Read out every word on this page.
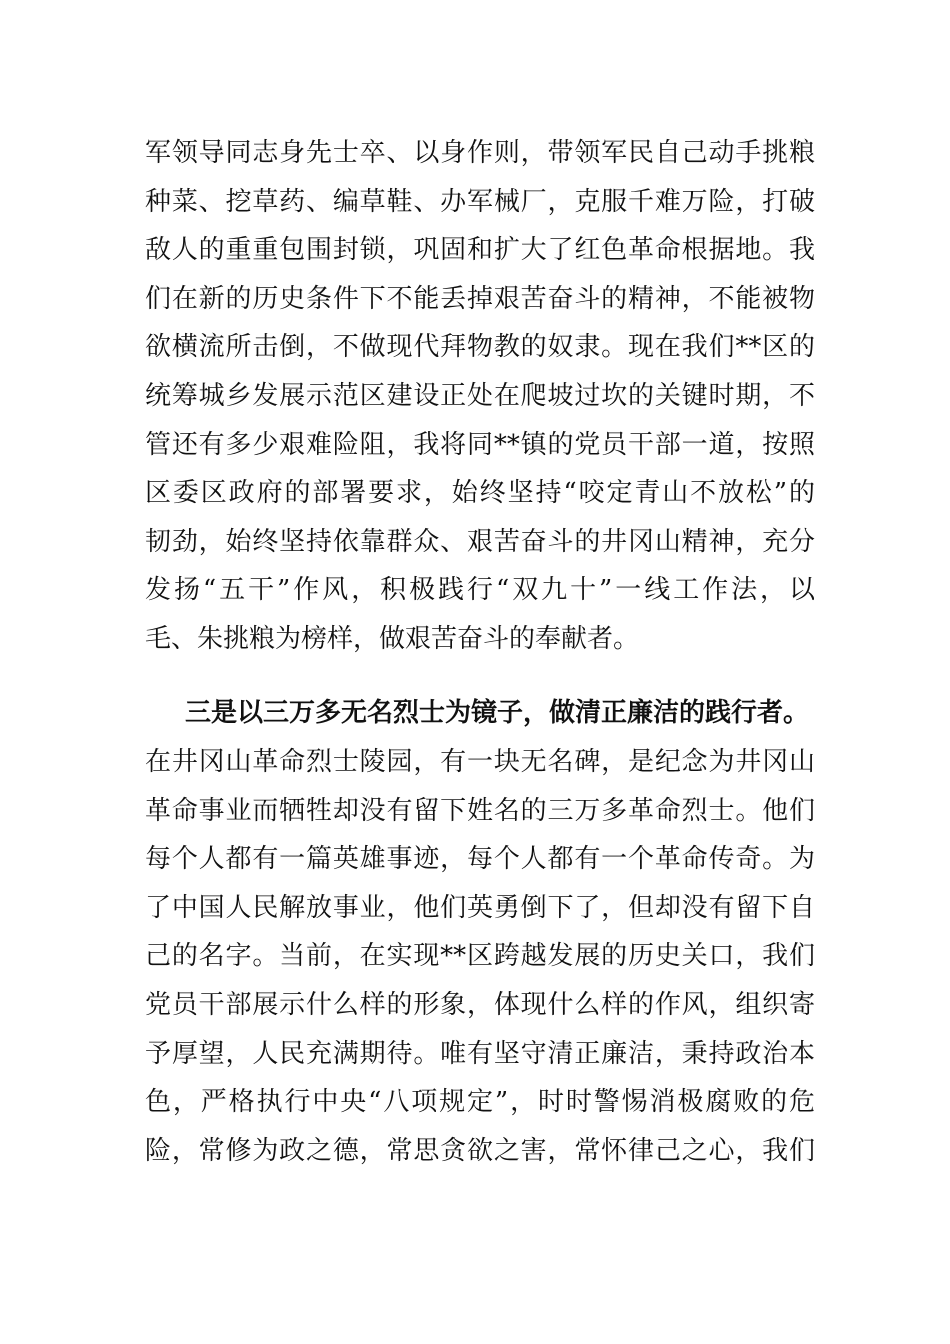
军领导同志身先士卒、以身作则，带领军民自己动手挑粮
种菜、挖草药、编草鞋、办军械厂，克服千难万险，打破
敌人的重重包围封锁，巩固和扩大了红色革命根据地。我
们在新的历史条件下不能丢掉艰苦奋斗的精神，不能被物
欲横流所击倒，不做现代拜物教的奴隶。现在我们**区的
统筹城乡发展示范区建设正处在爬坡过坎的关键时期，不
管还有多少艰难险阻，我将同**镇的党员干部一道，按照
区委区政府的部署要求，始终坚持“咬定青山不放松”的
韧劲，始终坚持依靠群众、艰苦奋斗的井冈山精神，充分
发扬“五干”作风，积极践行“双九十”一线工作法，以
毛、朱挑粮为榜样，做艰苦奋斗的奉献者。
三是以三万多无名烈士为镜子，做清正廉洁的践行者。
在井冈山革命烈士陵园，有一块无名碑，是纪念为井冈山
革命事业而牺牲却没有留下姓名的三万多革命烈士。他们
每个人都有一篇英雄事迹，每个人都有一个革命传奇。为
了中国人民解放事业，他们英勇倒下了，但却没有留下自
己的名字。当前，在实现**区跨越发展的历史关口，我们
党员干部展示什么样的形象，体现什么样的作风，组织寄
予厚望，人民充满期待。唯有坚守清正廉洁，秉持政治本
色，严格执行中央“八项规定”，时时警惕消极腐败的危
险，常修为政之德，常思贪欲之害，常怀律己之心，我们
